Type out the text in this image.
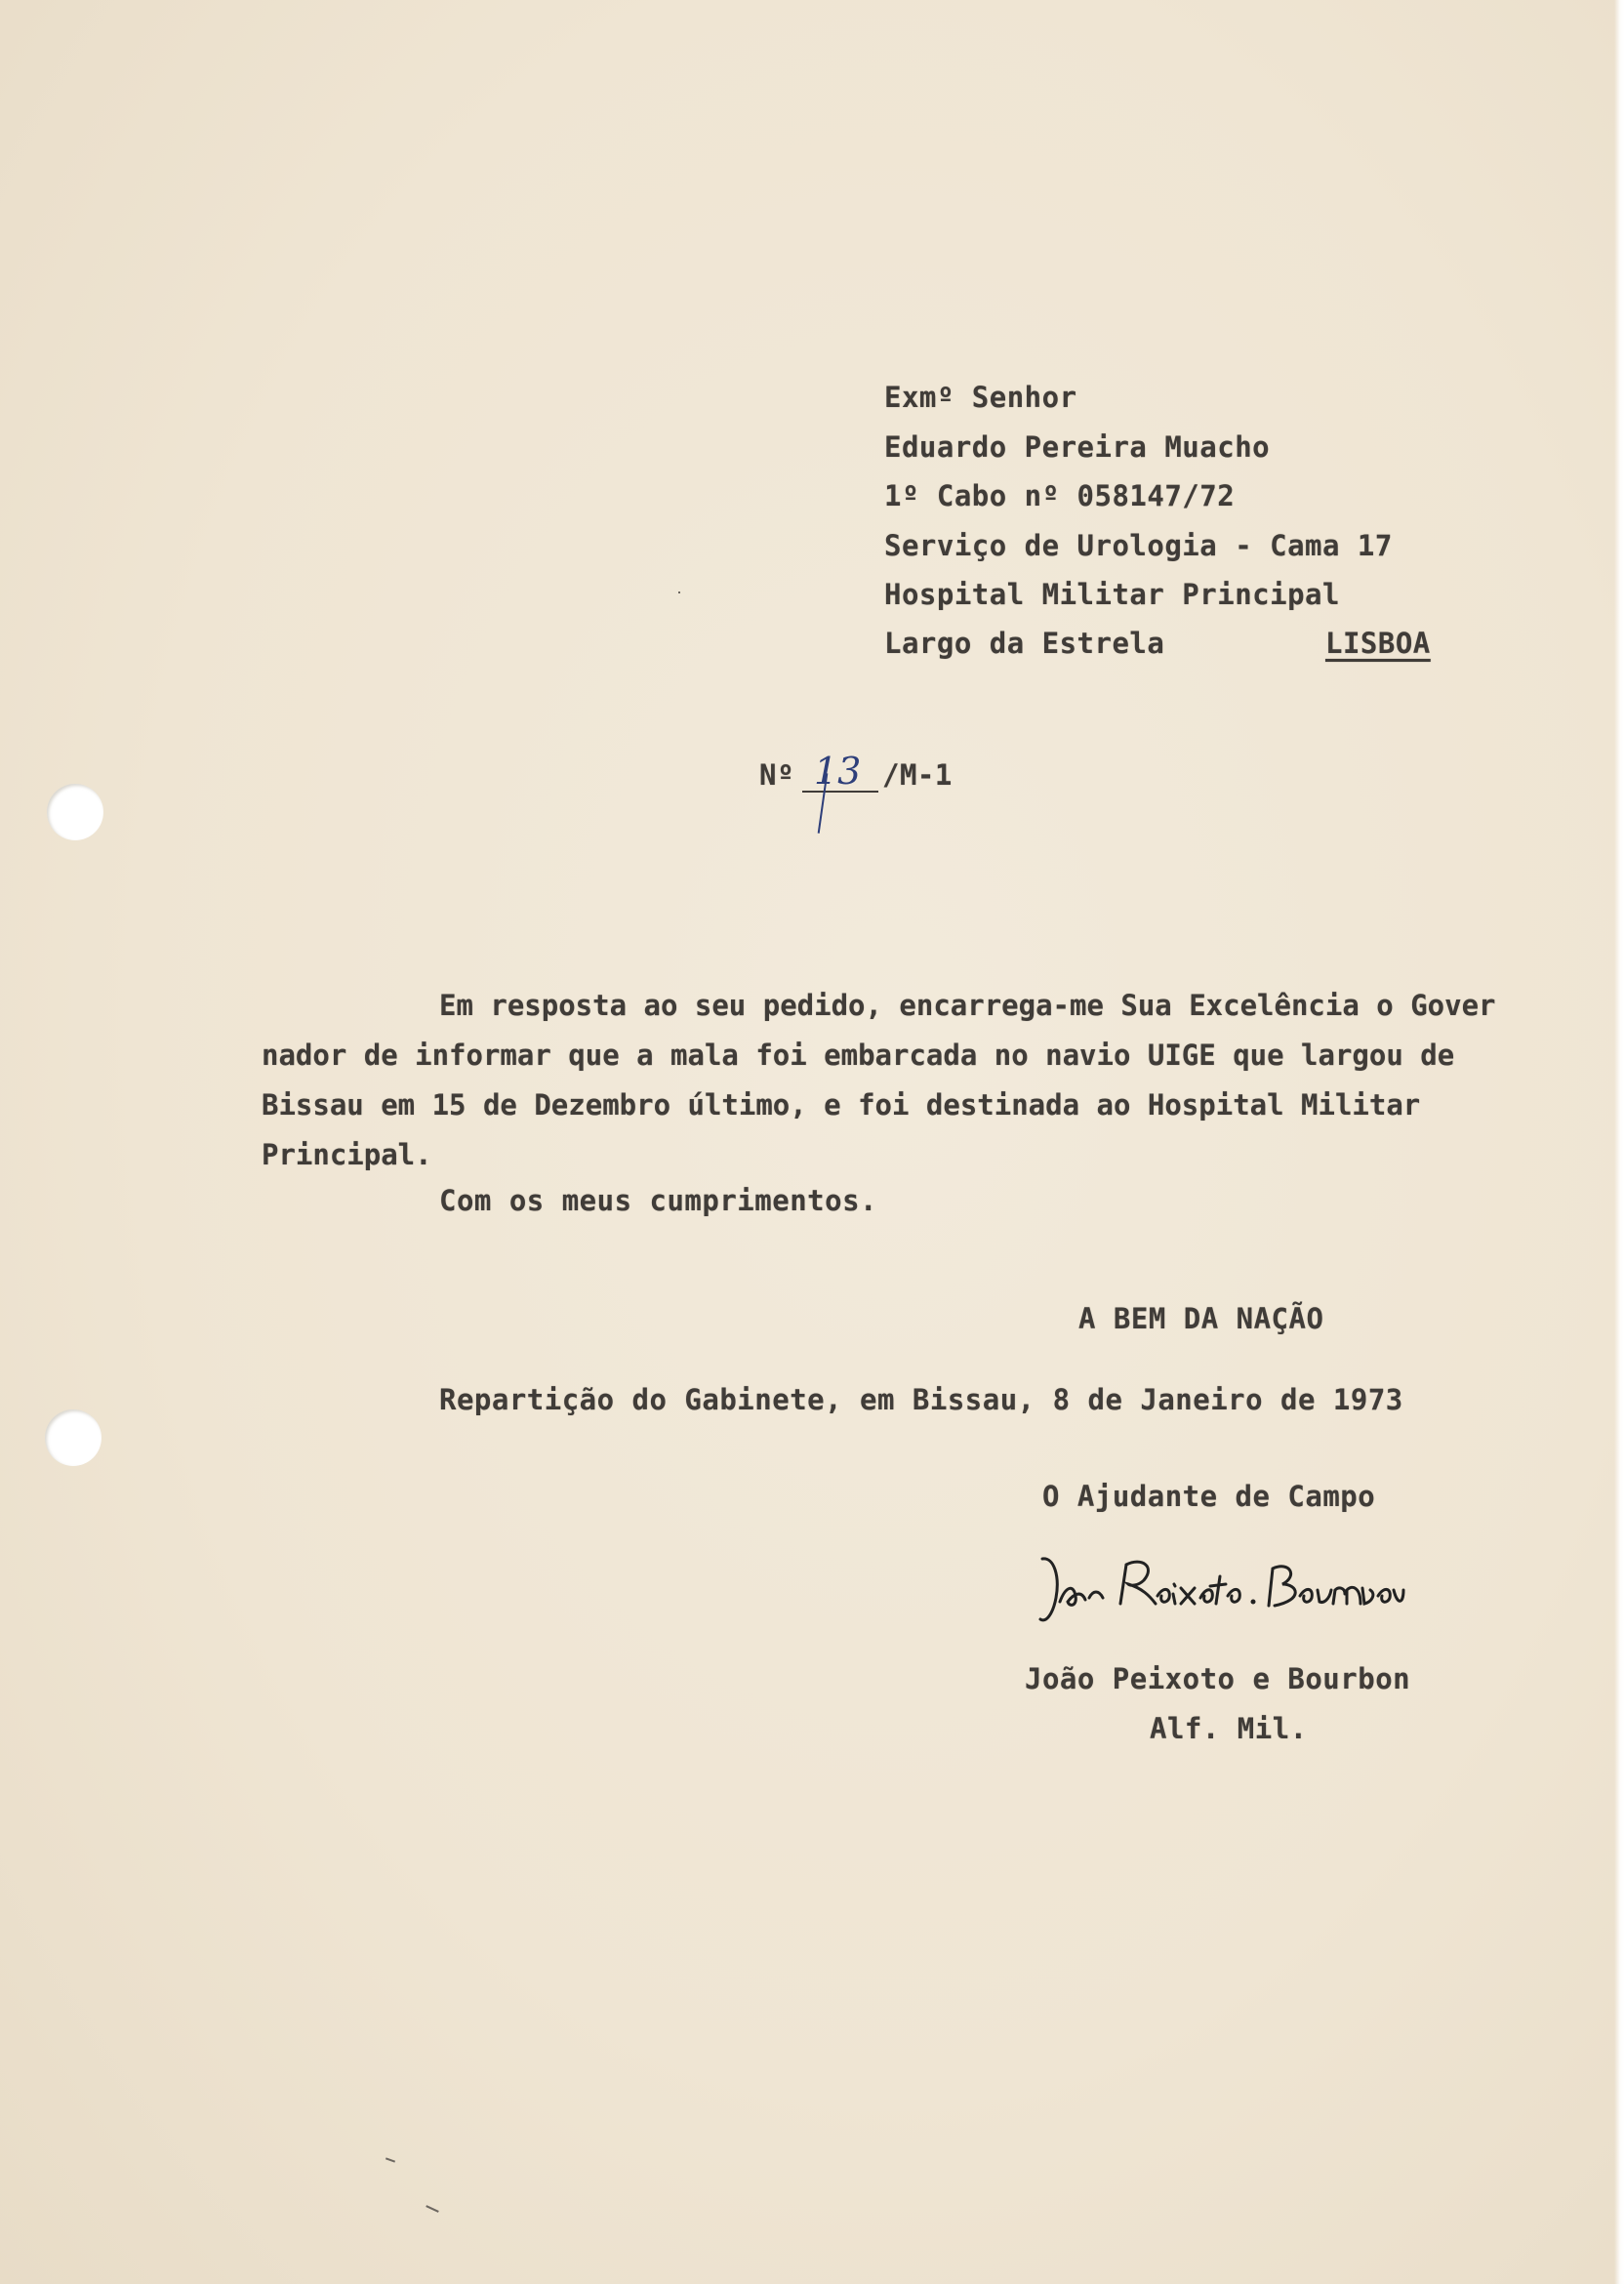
Exmº Senhor
Eduardo Pereira Muacho
1º Cabo nº 058147/72
Serviço de Urologia - Cama 17
Hospital Militar Principal
Largo da Estrela	LISBOA
Nº 13 /M-1
Em resposta ao seu pedido, encarrega-me Sua Excelência o Gover
nador de informar que a mala foi embarcada no navio UIGE que largou de
Bissau em 15 de Dezembro último, e foi destinada ao Hospital Militar
Principal.
Com os meus cumprimentos.
A BEM DA NAÇÃO
Repartição do Gabinete, em Bissau, 8 de Janeiro de 1973
O Ajudante de Campo
João Peixoto e Bourbon
Alf. Mil.
